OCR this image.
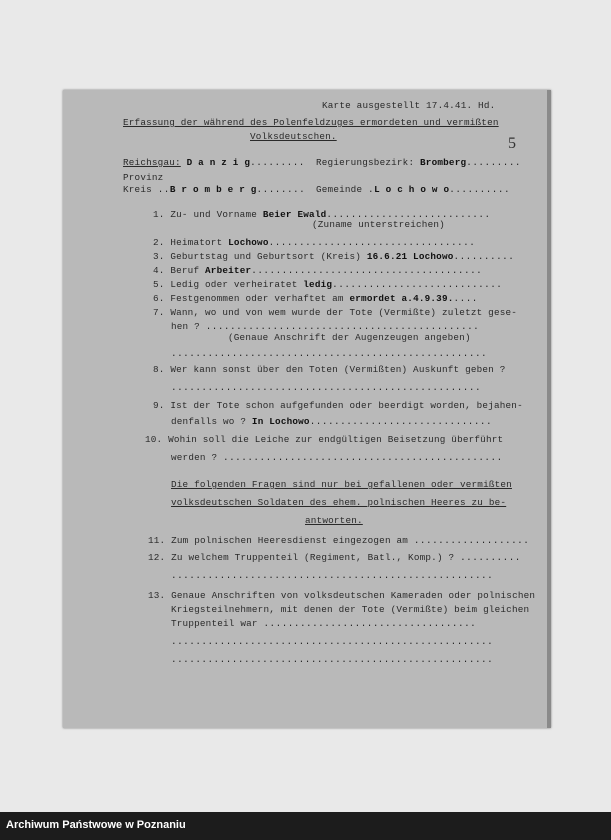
5
Karte ausgestellt 17.4.41. Hd.
Erfassung der während des Polenfeldzuges ermordeten und vermißten
Volksdeutschen.
Reichsgau: D a n z i g......... Regierungsbezirk: Bromberg.........
Provinz
Kreis ..B r o m b e r g........ Gemeinde .L o c h o w o..........
1. Zu- und Vorname Beier Ewald...........................
(Zuname unterstreichen)
2. Heimatort Lochowo..................................
3. Geburtstag und Geburtsort (Kreis) 16.6.21 Lochowo..........
4. Beruf Arbeiter......................................
5. Ledig oder verheiratet ledig............................
6. Festgenommen oder verhaftet am ermordet a.4.9.39.....
7. Wann, wo und von wem wurde der Tote (Vermißte) zuletzt gese-
hen ? .............................................
(Genaue Anschrift der Augenzeugen angeben)
....................................................
8. Wer kann sonst über den Toten (Vermißten) Auskunft geben ?
...................................................
9. Ist der Tote schon aufgefunden oder beerdigt worden, bejahen-
denfalls wo ? In Lochowo..............................
10. Wohin soll die Leiche zur endgültigen Beisetzung überführt
werden ? ..............................................
Die folgenden Fragen sind nur bei gefallenen oder vermißten
volksdeutschen Soldaten des ehem. polnischen Heeres zu be-
antworten.
11. Zum polnischen Heeresdienst eingezogen am ...................
12. Zu welchem Truppenteil (Regiment, Batl., Komp.) ? ..........
.....................................................
13. Genaue Anschriften von volksdeutschen Kameraden oder polnischen
Kriegsteilnehmern, mit denen der Tote (Vermißte) beim gleichen
Truppenteil war ...................................
.....................................................
.....................................................
Archiwum Państwowe w Poznaniu
